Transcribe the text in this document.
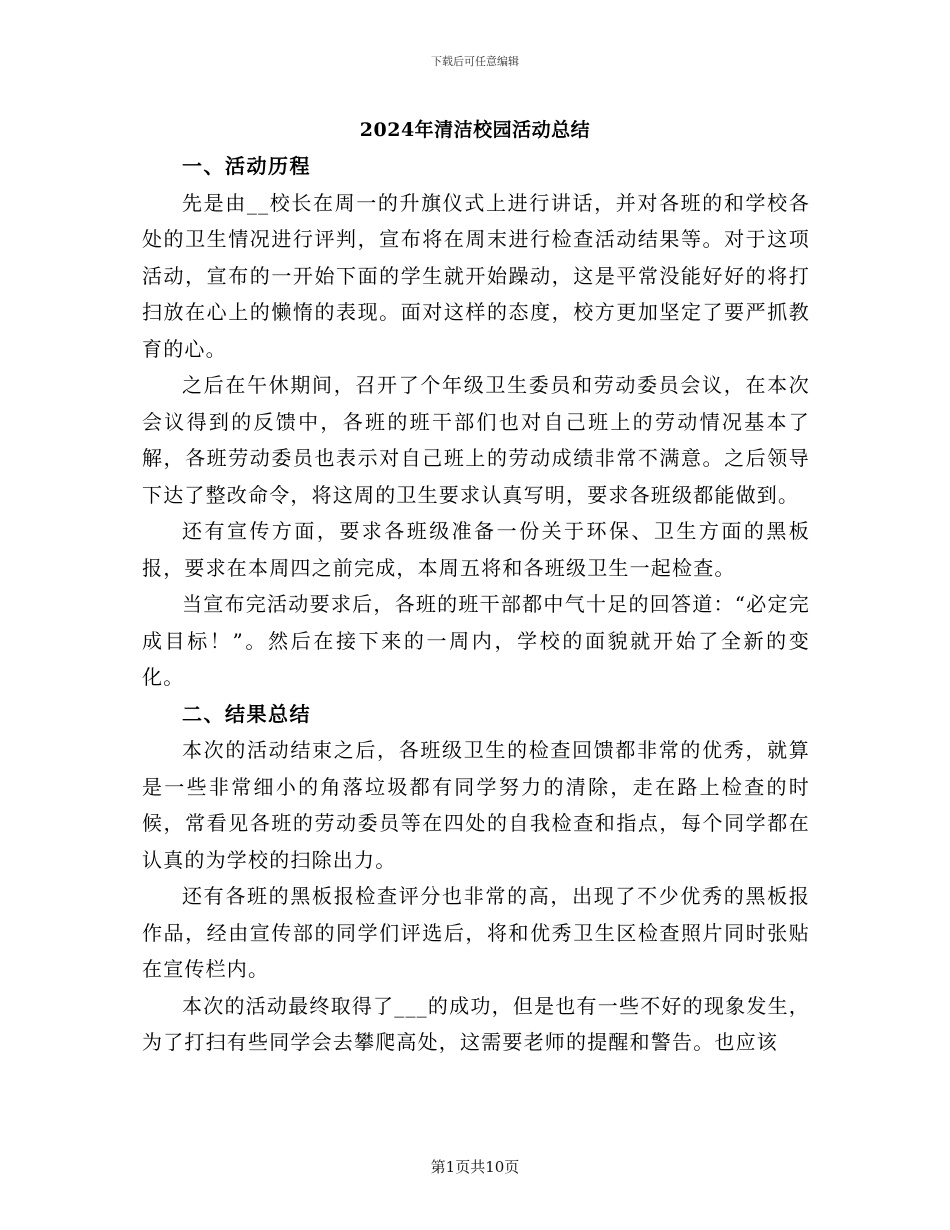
下载后可任意编辑
2024年清洁校园活动总结
一、活动历程

先是由__校长在周一的升旗仪式上进行讲话，并对各班的和学校各处的卫生情况进行评判，宣布将在周末进行检查活动结果等。对于这项活动，宣布的一开始下面的学生就开始躁动，这是平常没能好好的将打扫放在心上的懒惰的表现。面对这样的态度，校方更加坚定了要严抓教育的心。

之后在午休期间，召开了个年级卫生委员和劳动委员会议，在本次会议得到的反馈中，各班的班干部们也对自己班上的劳动情况基本了解，各班劳动委员也表示对自己班上的劳动成绩非常不满意。之后领导下达了整改命令，将这周的卫生要求认真写明，要求各班级都能做到。

还有宣传方面，要求各班级准备一份关于环保、卫生方面的黑板报，要求在本周四之前完成，本周五将和各班级卫生一起检查。

当宣布完活动要求后，各班的班干部都中气十足的回答道：“必定完成目标！”。然后在接下来的一周内，学校的面貌就开始了全新的变化。

二、结果总结

本次的活动结束之后，各班级卫生的检查回馈都非常的优秀，就算是一些非常细小的角落垃圾都有同学努力的清除，走在路上检查的时候，常看见各班的劳动委员等在四处的自我检查和指点，每个同学都在认真的为学校的扫除出力。

还有各班的黑板报检查评分也非常的高，出现了不少优秀的黑板报作品，经由宣传部的同学们评选后，将和优秀卫生区检查照片同时张贴在宣传栏内。

本次的活动最终取得了___的成功，但是也有一些不好的现象发生，为了打扫有些同学会去攀爬高处，这需要老师的提醒和警告。也应该

第1页共10页
